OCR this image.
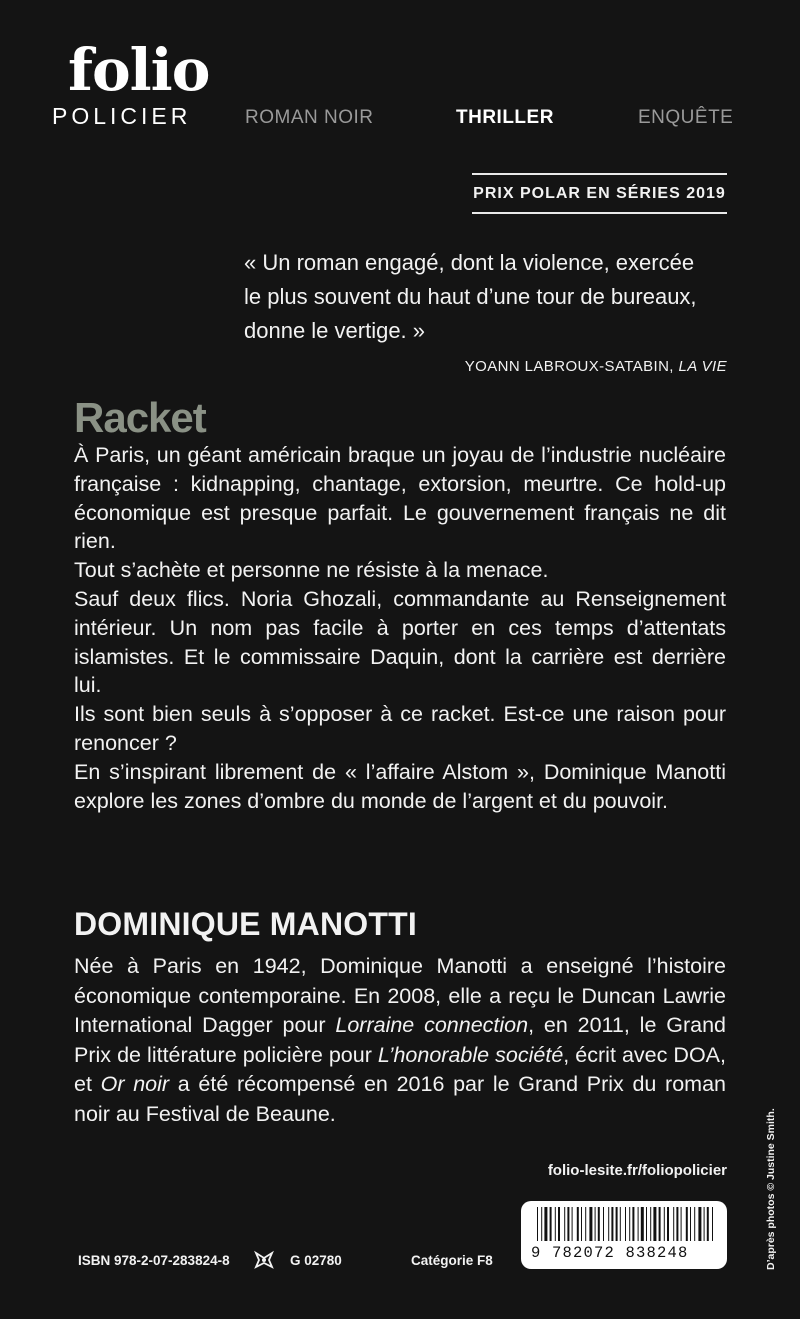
folio
POLICIER	ROMAN NOIR	THRILLER	ENQUÊTE
PRIX POLAR EN SÉRIES 2019
« Un roman engagé, dont la violence, exercée
le plus souvent du haut d’une tour de bureaux,
donne le vertige. »
YOANN LABROUX-SATABIN, LA VIE
Racket

À Paris, un géant américain braque un joyau de l’industrie nucléaire française : kidnapping, chantage, extorsion, meurtre. Ce hold-up économique est presque parfait. Le gouvernement français ne dit rien.

Tout s’achète et personne ne résiste à la menace.

Sauf deux flics. Noria Ghozali, commandante au Renseignement intérieur. Un nom pas facile à porter en ces temps d’attentats islamistes. Et le commissaire Daquin, dont la carrière est derrière lui.

Ils sont bien seuls à s’opposer à ce racket. Est-ce une raison pour renoncer ?

En s’inspirant librement de « l’affaire Alstom », Dominique Manotti explore les zones d’ombre du monde de l’argent et du pouvoir.

DOMINIQUE MANOTTI
Née à Paris en 1942, Dominique Manotti a enseigné l’histoire économique contemporaine. En 2008, elle a reçu le Duncan Lawrie International Dagger pour Lorraine connection, en 2011, le Grand Prix de littérature policière pour L’honorable société, écrit avec DOA, et Or noir a été récompensé en 2016 par le Grand Prix du roman noir au Festival de Beaune.
folio-lesite.fr/foliopolicier
9 782072 838248
ISBN 978-2-07-283824-8	G 02780	Catégorie F8	D’après photos © Justine Smith.
